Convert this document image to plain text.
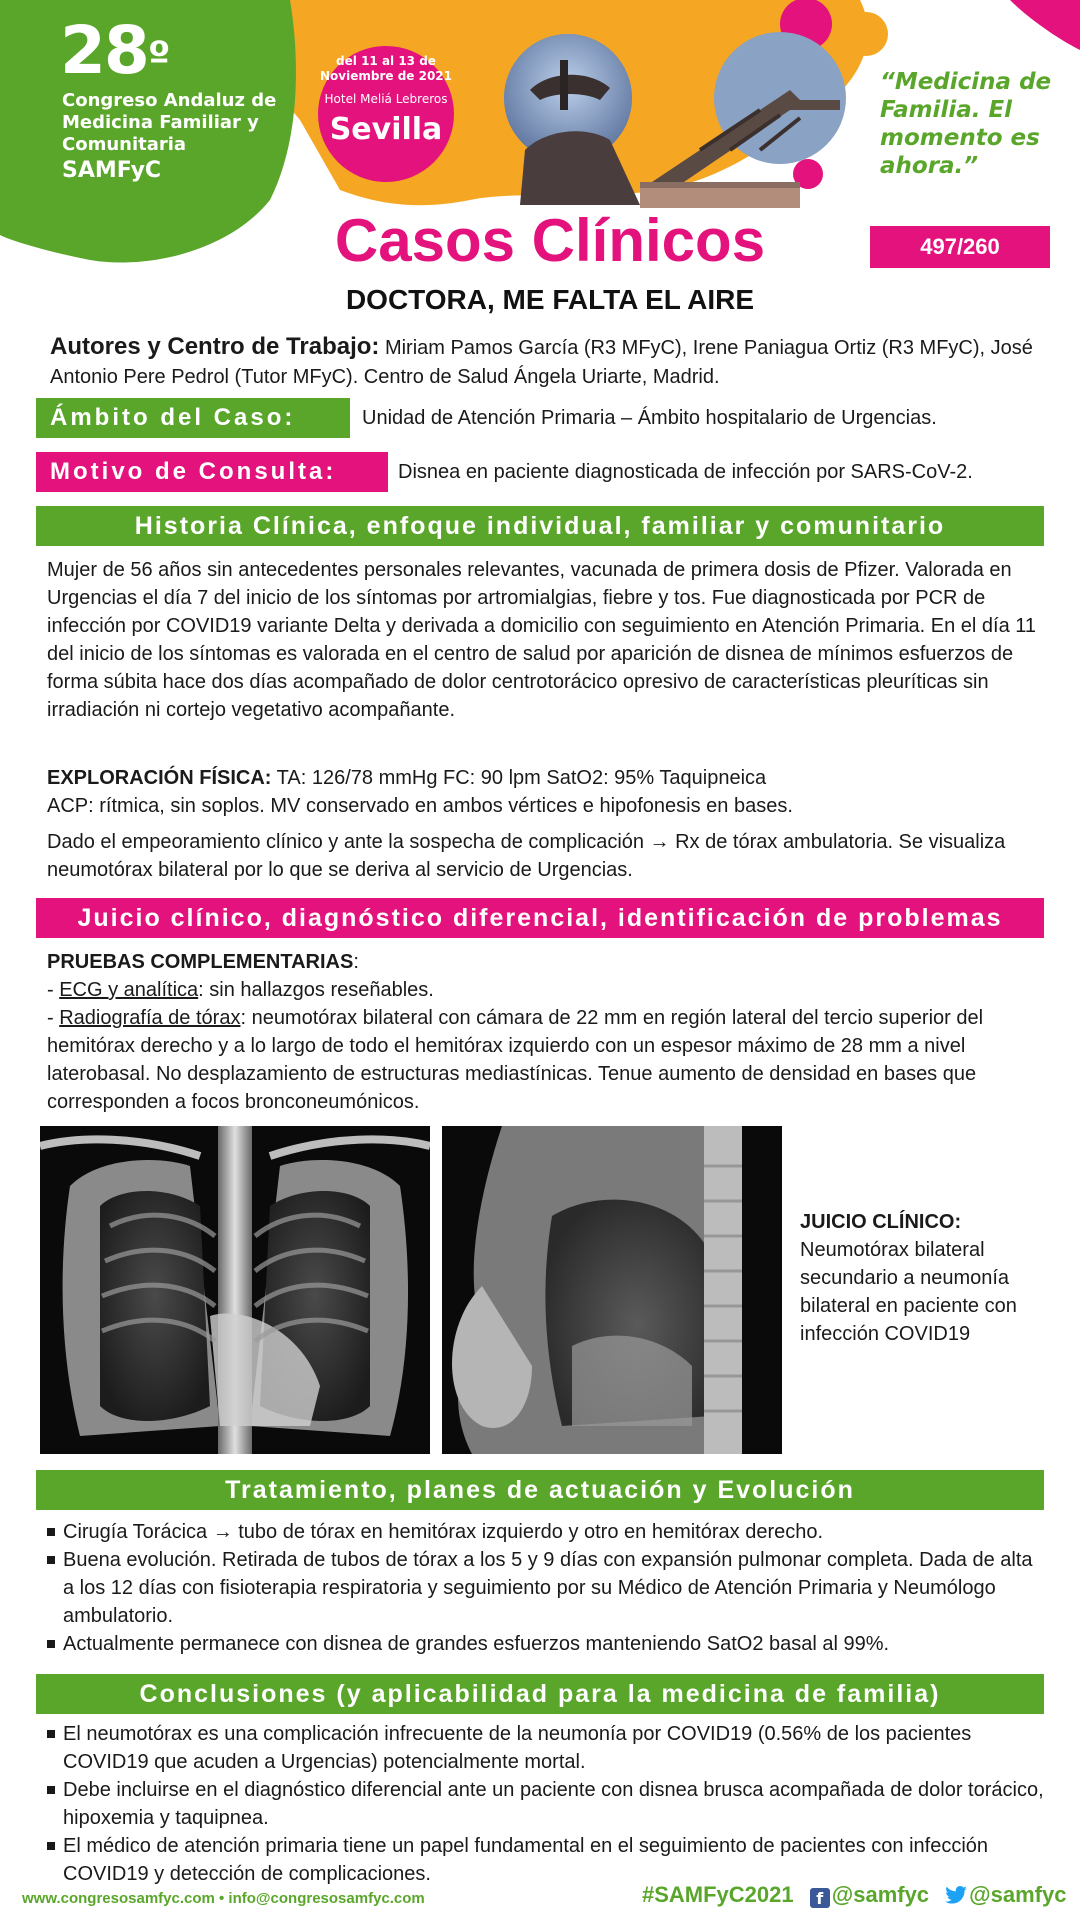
$28^º$
Congreso Andaluz de Medicina Familiar y Comunitaria
SAMFyC
del 11 al 13 de Noviembre de 2021
Hotel Meliá Lebreros
Sevilla
“Medicina de Familia. El momento es ahora.”
Casos Clínicos	497/260
DOCTORA, ME FALTA EL AIRE
Autores y Centro de Trabajo: Miriam Pamos García (R3 MFyC), Irene Paniagua Ortiz (R3 MFyC), José Antonio Pere Pedrol (Tutor MFyC). Centro de Salud Ángela Uriarte, Madrid.
Ámbito del Caso:	Unidad de Atención Primaria – Ámbito hospitalario de Urgencias.
Motivo de Consulta:	Disnea en paciente diagnosticada de infección por SARS-CoV-2.
Historia Clínica, enfoque individual, familiar y comunitario
Mujer de 56 años sin antecedentes personales relevantes, vacunada de primera dosis de Pfizer. Valorada en Urgencias el día 7 del inicio de los síntomas por artromialgias, fiebre y tos. Fue diagnosticada por PCR de infección por COVID19 variante Delta y derivada a domicilio con seguimiento en Atención Primaria. En el día 11 del inicio de los síntomas es valorada en el centro de salud por aparición de disnea de mínimos esfuerzos de forma súbita hace dos días acompañado de dolor centrotorácico opresivo de características pleuríticas sin irradiación ni cortejo vegetativo acompañante.
EXPLORACIÓN FÍSICA: TA: 126/78 mmHg FC: 90 lpm SatO2: 95% Taquipneica
ACP: rítmica, sin soplos. MV conservado en ambos vértices e hipofonesis en bases.
Dado el empeoramiento clínico y ante la sospecha de complicación → Rx de tórax ambulatoria. Se visualiza neumotórax bilateral por lo que se deriva al servicio de Urgencias.
Juicio clínico, diagnóstico diferencial, identificación de problemas
PRUEBAS COMPLEMENTARIAS:
- ECG y analítica: sin hallazgos reseñables.
- Radiografía de tórax: neumotórax bilateral con cámara de 22 mm en región lateral del tercio superior del hemitórax derecho y a lo largo de todo el hemitórax izquierdo con un espesor máximo de 28 mm a nivel laterobasal. No desplazamiento de estructuras mediastínicas. Tenue aumento de densidad en bases que corresponden a focos bronconeumónicos.
JUICIO CLÍNICO:
Neumotórax bilateral secundario a neumonía bilateral en paciente con infección COVID19
Tratamiento, planes de actuación y Evolución
Cirugía Torácica → tubo de tórax en hemitórax izquierdo y otro en hemitórax derecho.
Buena evolución. Retirada de tubos de tórax a los 5 y 9 días con expansión pulmonar completa. Dada de alta a los 12 días con fisioterapia respiratoria y seguimiento por su Médico de Atención Primaria y Neumólogo ambulatorio.
Actualmente permanece con disnea de grandes esfuerzos manteniendo SatO2 basal al 99%.
Conclusiones (y aplicabilidad para la medicina de familia)
El neumotórax es una complicación infrecuente de la neumonía por COVID19 (0.56% de los pacientes COVID19 que acuden a Urgencias) potencialmente mortal.
Debe incluirse en el diagnóstico diferencial ante un paciente con disnea brusca acompañada de dolor torácico, hipoxemia y taquipnea.
El médico de atención primaria tiene un papel fundamental en el seguimiento de pacientes con infección COVID19 y detección de complicaciones.
www.congresosamfyc.com • info@congresosamfyc.com	#SAMFyC2021 f @samfyc @samfyc
